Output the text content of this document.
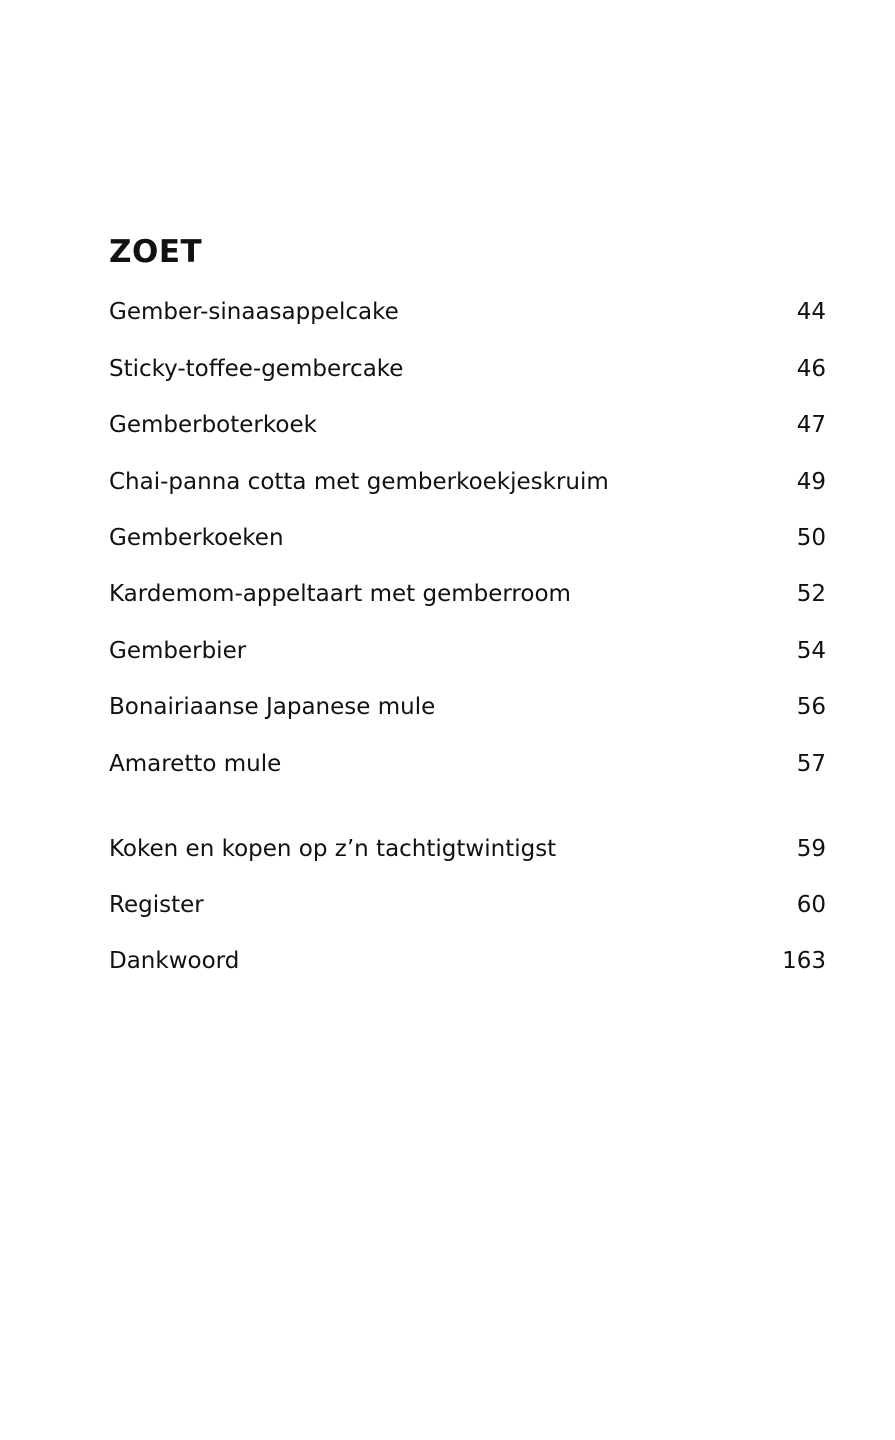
ZOET
Gember-sinaasappelcake	44
Sticky-toffee-gembercake	46
Gemberboterkoek	47
Chai-panna cotta met gemberkoekjeskruim	49
Gemberkoeken	50
Kardemom-appeltaart met gemberroom	52
Gemberbier	54
Bonairiaanse Japanese mule	56
Amaretto mule	57
Koken en kopen op z’n tachtigtwintigst	59
Register	60
Dankwoord	163
